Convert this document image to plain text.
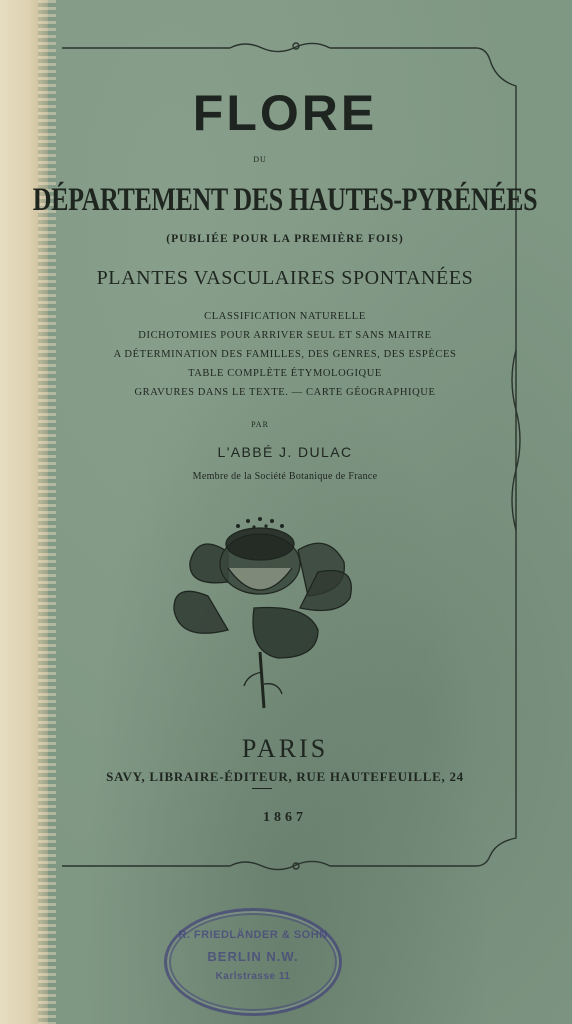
FLORE
DU
DÉPARTEMENT DES HAUTES-PYRÉNÉES
(PUBLIÉE POUR LA PREMIÈRE FOIS)
PLANTES VASCULAIRES SPONTANÉES
CLASSIFICATION NATURELLE
DICHOTOMIES POUR ARRIVER SEUL ET SANS MAITRE
A DÉTERMINATION DES FAMILLES, DES GENRES, DES ESPÈCES
TABLE COMPLÈTE ÉTYMOLOGIQUE
GRAVURES DANS LE TEXTE. — CARTE GÉOGRAPHIQUE
PAR
L'ABBÉ J. DULAC
Membre de la Société Botanique de France
PARIS
SAVY, LIBRAIRE-ÉDITEUR, RUE HAUTEFEUILLE, 24
1867
R. FRIEDLÄNDER & SOHN
BERLIN N.W.
Karlstrasse 11
